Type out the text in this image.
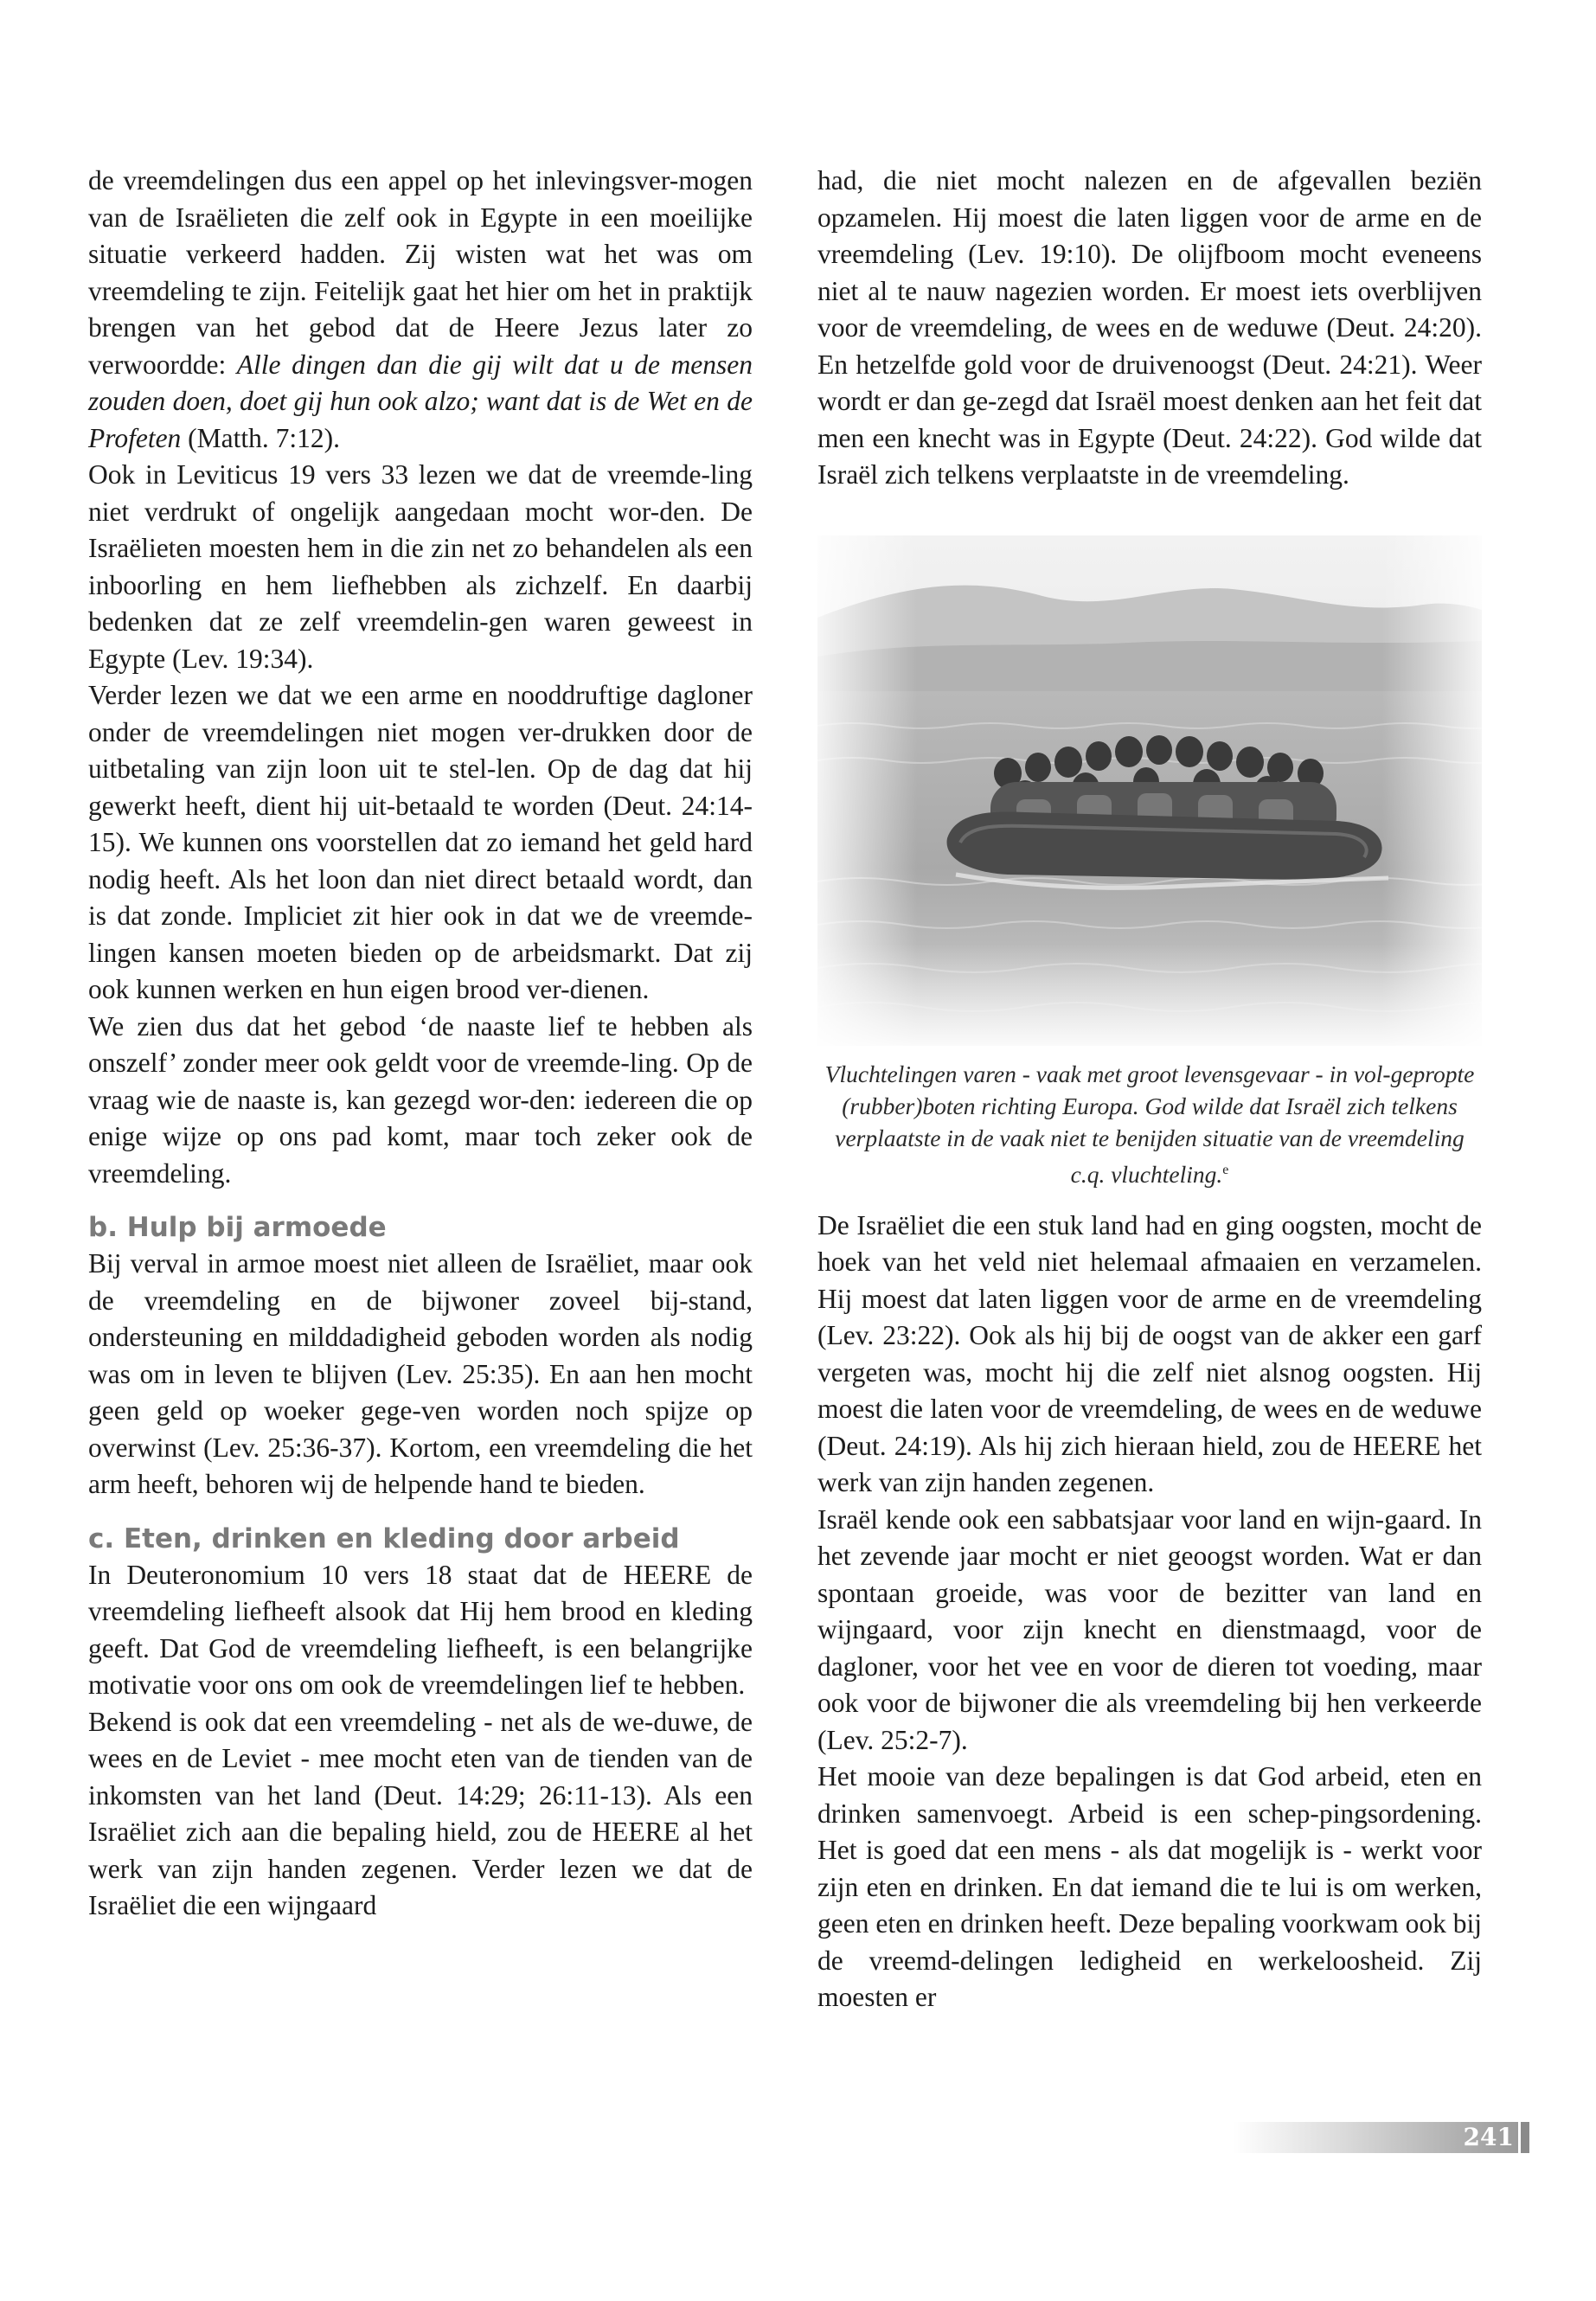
de vreemdelingen dus een appel op het inlevingsver-mogen van de Israëlieten die zelf ook in Egypte in een moeilijke situatie verkeerd hadden. Zij wisten wat het was om vreemdeling te zijn. Feitelijk gaat het hier om het in praktijk brengen van het gebod dat de Heere Jezus later zo verwoordde: Alle dingen dan die gij wilt dat u de mensen zouden doen, doet gij hun ook alzo; want dat is de Wet en de Profeten (Matth. 7:12).

Ook in Leviticus 19 vers 33 lezen we dat de vreemde-ling niet verdrukt of ongelijk aangedaan mocht wor-den. De Israëlieten moesten hem in die zin net zo behandelen als een inboorling en hem liefhebben als zichzelf. En daarbij bedenken dat ze zelf vreemdelin-gen waren geweest in Egypte (Lev. 19:34).

Verder lezen we dat we een arme en nooddruftige dagloner onder de vreemdelingen niet mogen ver-drukken door de uitbetaling van zijn loon uit te stel-len. Op de dag dat hij gewerkt heeft, dient hij uit-betaald te worden (Deut. 24:14-15). We kunnen ons voorstellen dat zo iemand het geld hard nodig heeft. Als het loon dan niet direct betaald wordt, dan is dat zonde. Impliciet zit hier ook in dat we de vreemde-lingen kansen moeten bieden op de arbeidsmarkt. Dat zij ook kunnen werken en hun eigen brood ver-dienen.

We zien dus dat het gebod ‘de naaste lief te hebben als onszelf’ zonder meer ook geldt voor de vreemde-ling. Op de vraag wie de naaste is, kan gezegd wor-den: iedereen die op enige wijze op ons pad komt, maar toch zeker ook de vreemdeling.

b. Hulp bij armoede

Bij verval in armoe moest niet alleen de Israëliet, maar ook de vreemdeling en de bijwoner zoveel bij-stand, ondersteuning en milddadigheid geboden worden als nodig was om in leven te blijven (Lev. 25:35). En aan hen mocht geen geld op woeker gege-ven worden noch spijze op overwinst (Lev. 25:36-37). Kortom, een vreemdeling die het arm heeft, behoren wij de helpende hand te bieden.

c. Eten, drinken en kleding door arbeid

In Deuteronomium 10 vers 18 staat dat de HEERE de vreemdeling liefheeft alsook dat Hij hem brood en kleding geeft. Dat God de vreemdeling liefheeft, is een belangrijke motivatie voor ons om ook de vreemdelingen lief te hebben.

Bekend is ook dat een vreemdeling - net als de we-duwe, de wees en de Leviet - mee mocht eten van de tienden van de inkomsten van het land (Deut. 14:29; 26:11-13). Als een Israëliet zich aan die bepaling hield, zou de HEERE al het werk van zijn handen zegenen. Verder lezen we dat de Israëliet die een wijngaard

had, die niet mocht nalezen en de afgevallen beziën opzamelen. Hij moest die laten liggen voor de arme en de vreemdeling (Lev. 19:10). De olijfboom mocht eveneens niet al te nauw nagezien worden. Er moest iets overblijven voor de vreemdeling, de wees en de weduwe (Deut. 24:20). En hetzelfde gold voor de druivenoogst (Deut. 24:21). Weer wordt er dan ge-zegd dat Israël moest denken aan het feit dat men een knecht was in Egypte (Deut. 24:22). God wilde dat Israël zich telkens verplaatste in de vreemdeling.

Vluchtelingen varen - vaak met groot levensgevaar - in vol-gepropte (rubber)boten richting Europa. God wilde dat Israël zich telkens verplaatste in de vaak niet te benijden situatie van de vreemdeling c.q. vluchteling.$^e$

De Israëliet die een stuk land had en ging oogsten, mocht de hoek van het veld niet helemaal afmaaien en verzamelen. Hij moest dat laten liggen voor de arme en de vreemdeling (Lev. 23:22). Ook als hij bij de oogst van de akker een garf vergeten was, mocht hij die zelf niet alsnog oogsten. Hij moest die laten voor de vreemdeling, de wees en de weduwe (Deut. 24:19). Als hij zich hieraan hield, zou de HEERE het werk van zijn handen zegenen.

Israël kende ook een sabbatsjaar voor land en wijn-gaard. In het zevende jaar mocht er niet geoogst worden. Wat er dan spontaan groeide, was voor de bezitter van land en wijngaard, voor zijn knecht en dienstmaagd, voor de dagloner, voor het vee en voor de dieren tot voeding, maar ook voor de bijwoner die als vreemdeling bij hen verkeerde (Lev. 25:2-7).

Het mooie van deze bepalingen is dat God arbeid, eten en drinken samenvoegt. Arbeid is een schep-pingsordening. Het is goed dat een mens - als dat mogelijk is - werkt voor zijn eten en drinken. En dat iemand die te lui is om werken, geen eten en drinken heeft. Deze bepaling voorkwam ook bij de vreemd-delingen ledigheid en werkeloosheid. Zij moesten er

241
